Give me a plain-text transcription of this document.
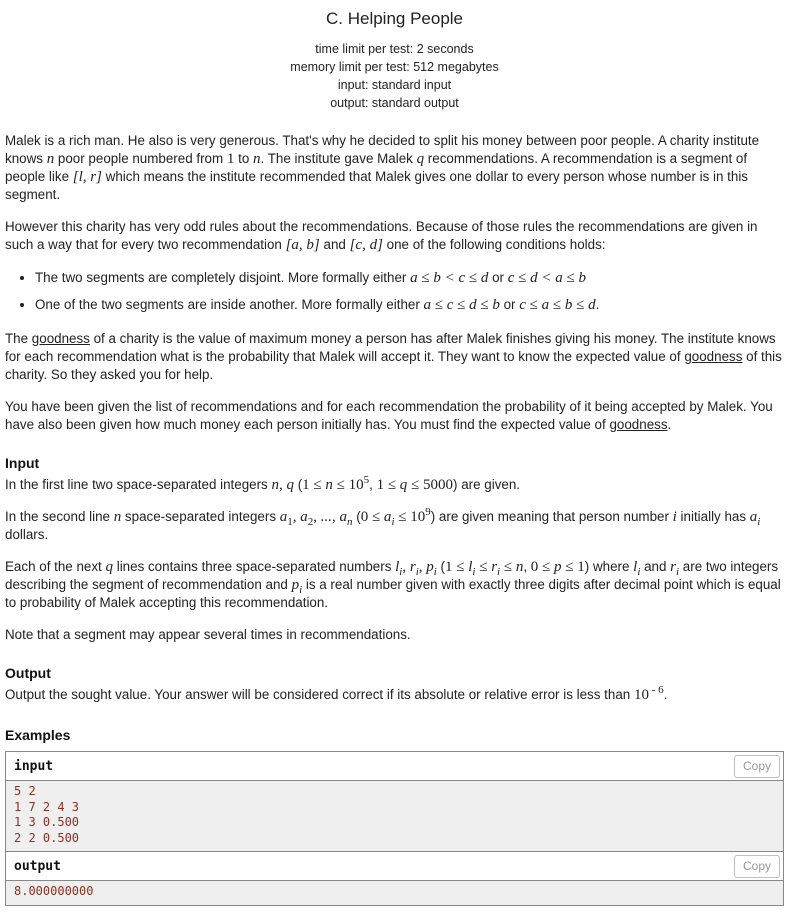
C. Helping People
time limit per test: 2 seconds
memory limit per test: 512 megabytes
input: standard input
output: standard output

Malek is a rich man. He also is very generous. That's why he decided to split his money between poor people. A charity institute knows n poor people numbered from 1 to n. The institute gave Malek q recommendations. A recommendation is a segment of people like [l, r] which means the institute recommended that Malek gives one dollar to every person whose number is in this segment.

However this charity has very odd rules about the recommendations. Because of those rules the recommendations are given in such a way that for every two recommendation [a, b] and [c, d] one of the following conditions holds:

• The two segments are completely disjoint. More formally either a ≤ b < c ≤ d or c ≤ d < a ≤ b
• One of the two segments are inside another. More formally either a ≤ c ≤ d ≤ b or c ≤ a ≤ b ≤ d.

The goodness of a charity is the value of maximum money a person has after Malek finishes giving his money. The institute knows for each recommendation what is the probability that Malek will accept it. They want to know the expected value of goodness of this charity. So they asked you for help.

You have been given the list of recommendations and for each recommendation the probability of it being accepted by Malek. You have also been given how much money each person initially has. You must find the expected value of goodness.

Input

In the first line two space-separated integers n, q ($1 \le n \le 10^5$, 1 ≤ q ≤ 5000) are given.

In the second line n space-separated integers $a_1$, $a_2$, ..., $a_n$ $(0 \le a_i \le 10^9)$ are given meaning that person number i initially has $a_i$ dollars.

Each of the next q lines contains three space-separated numbers $l_i$, $r_i$, $p_i$ ($1 \le l_i \le r_i \le n$, 0 ≤ p ≤ 1) where $l_i$ and $r_i$ are two integers describing the segment of recommendation and $p_i$ is a real number given with exactly three digits after decimal point which is equal to probability of Malek accepting this recommendation.

Note that a segment may appear several times in recommendations.

Output

Output the sought value. Your answer will be considered correct if its absolute or relative error is less than 10 $^{- 6}$.

Examples
input	Copy
5 2
1 7 2 4 3
1 3 0.500
2 2 0.500
output	Copy
8.000000000
